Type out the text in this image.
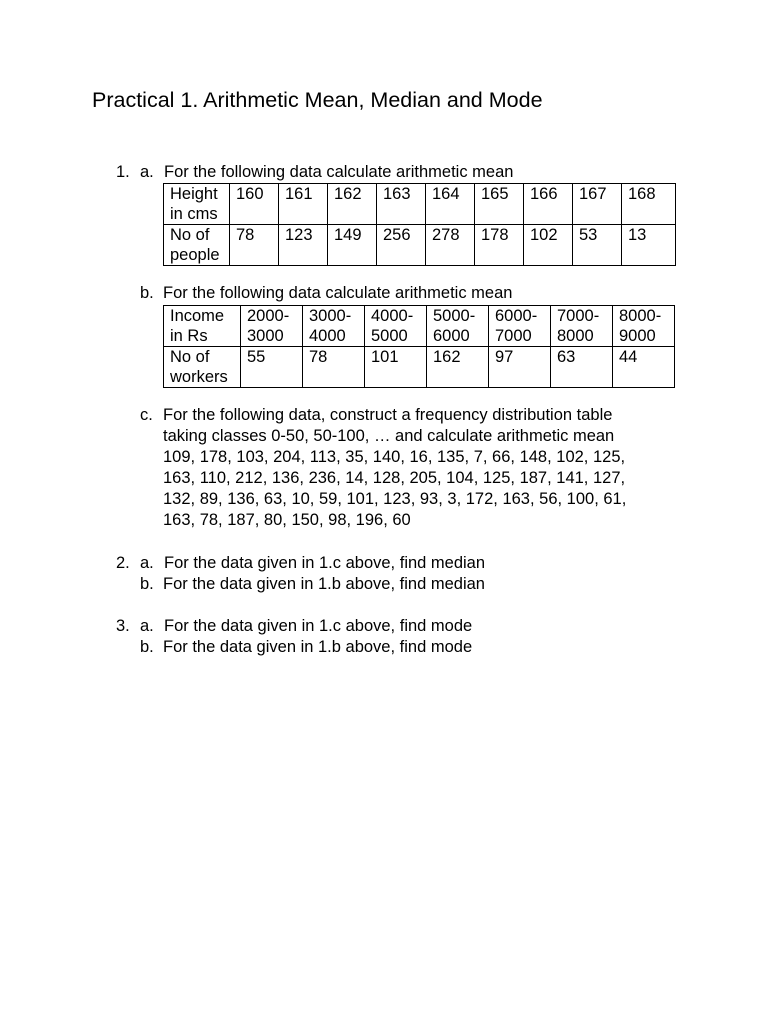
Practical 1. Arithmetic Mean, Median and Mode
1. a. For the following data calculate arithmetic mean
Height in cms	160	161	162	163	164	165	166	167	168

No of people	78	123	149	256	278	178	102	53	13
b. For the following data calculate arithmetic mean
Income in Rs	2000-3000	3000-4000	4000-5000	5000-6000	6000-7000	7000-8000	8000-9000

No of workers	55	78	101	162	97	63	44
c. For the following data, construct a frequency distribution table
taking classes 0-50, 50-100, … and calculate arithmetic mean
109, 178, 103, 204, 113, 35, 140, 16, 135, 7, 66, 148, 102, 125,
163, 110, 212, 136, 236, 14, 128, 205, 104, 125, 187, 141, 127,
132, 89, 136, 63, 10, 59, 101, 123, 93, 3, 172, 163, 56, 100, 61,
163, 78, 187, 80, 150, 98, 196, 60
2. a. For the data given in 1.c above, find median
b. For the data given in 1.b above, find median
3. a. For the data given in 1.c above, find mode
b. For the data given in 1.b above, find mode
